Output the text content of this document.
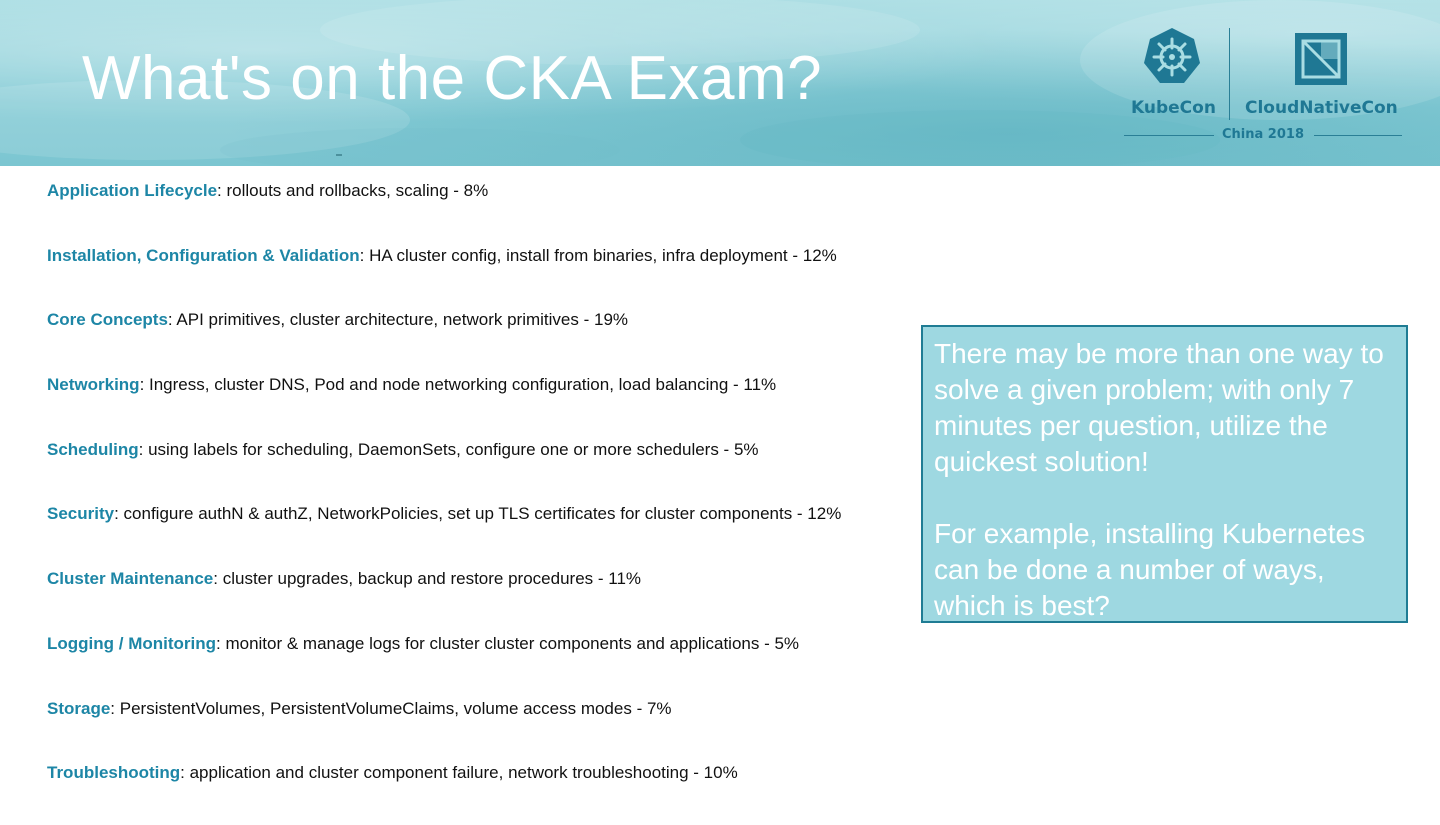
What's on the CKA Exam?	KubeCon CloudNativeCon
China 2018
Application Lifecycle: rollouts and rollbacks, scaling - 8%
Installation, Configuration & Validation: HA cluster config, install from binaries, infra deployment - 12%
Core Concepts: API primitives, cluster architecture, network primitives - 19%
Networking: Ingress, cluster DNS, Pod and node networking configuration, load balancing - 11%
Scheduling: using labels for scheduling, DaemonSets, configure one or more schedulers - 5%
Security: configure authN & authZ, NetworkPolicies, set up TLS certificates for cluster components - 12%
Cluster Maintenance: cluster upgrades, backup and restore procedures - 11%
Logging / Monitoring: monitor & manage logs for cluster cluster components and applications - 5%
Storage: PersistentVolumes, PersistentVolumeClaims, volume access modes - 7%
Troubleshooting: application and cluster component failure, network troubleshooting - 10%

There may be more than one way to solve a given problem; with only 7 minutes per question, utilize the quickest solution!

For example, installing Kubernetes can be done a number of ways, which is best?
